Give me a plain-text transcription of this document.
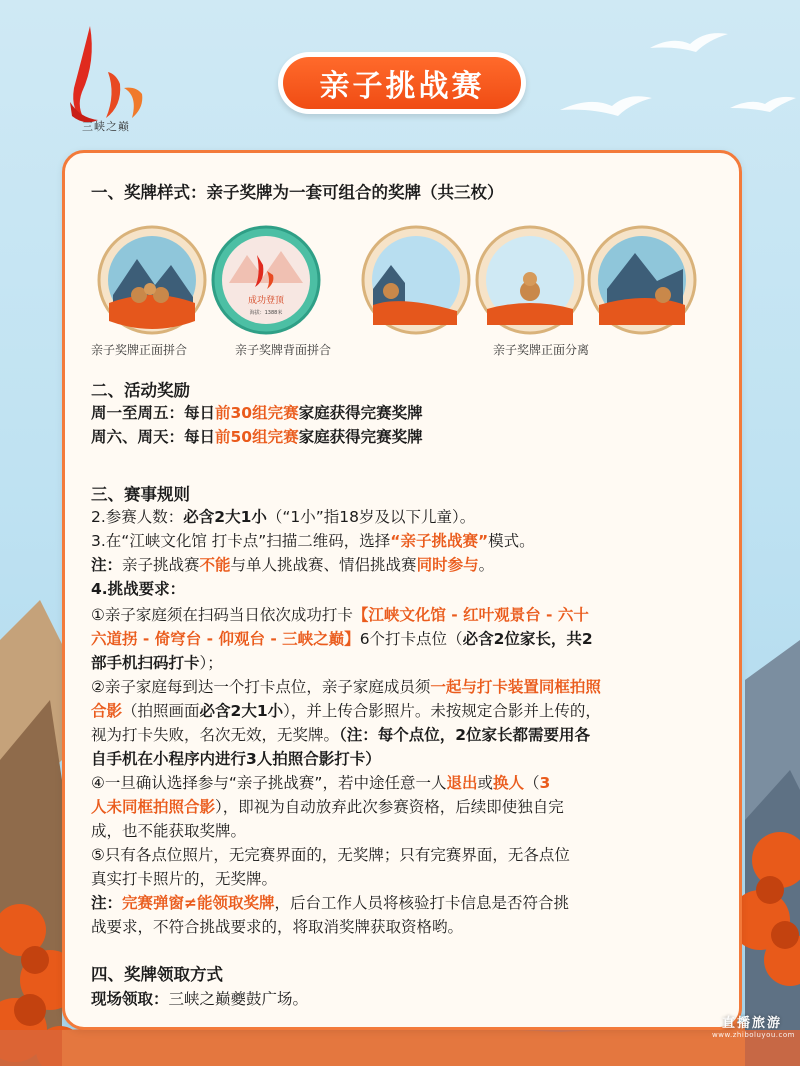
三峡之巅
亲子挑战赛
一、奖牌样式：亲子奖牌为一套可组合的奖牌（共三枚）
成功登顶
海拔：1388米
亲子奖牌正面拼合	亲子奖牌背面拼合	亲子奖牌正面分离
二、活动奖励
周一至周五：每日前30组完赛家庭获得完赛奖牌
周六、周天：每日前50组完赛家庭获得完赛奖牌
三、赛事规则
2.参赛人数：必含2大1小（“1小”指18岁及以下儿童）。
3.在“江峡文化馆 打卡点”扫描二维码，选择“亲子挑战赛”模式。
注：亲子挑战赛不能与单人挑战赛、情侣挑战赛同时参与。
4.挑战要求：
①亲子家庭须在扫码当日依次成功打卡【江峡文化馆 - 红叶观景台 - 六十
六道拐 - 倚穹台 - 仰观台 - 三峡之巅】6个打卡点位（必含2位家长，共2
部手机扫码打卡）；
②亲子家庭每到达一个打卡点位，亲子家庭成员须一起与打卡装置同框拍照
合影（拍照画面必含2大1小），并上传合影照片。未按规定合影并上传的，
视为打卡失败，名次无效，无奖牌。（注：每个点位，2位家长都需要用各
自手机在小程序内进行3人拍照合影打卡）
④一旦确认选择参与“亲子挑战赛”，若中途任意一人退出或换人（3
人未同框拍照合影），即视为自动放弃此次参赛资格，后续即使独自完
成，也不能获取奖牌。
⑤只有各点位照片，无完赛界面的，无奖牌；只有完赛界面，无各点位
真实打卡照片的，无奖牌。
注：完赛弹窗≠能领取奖牌，后台工作人员将核验打卡信息是否符合挑
战要求，不符合挑战要求的，将取消奖牌获取资格哟。
四、奖牌领取方式
现场领取：三峡之巅夔鼓广场。
直播旅游
www.zhiboluyou.com
